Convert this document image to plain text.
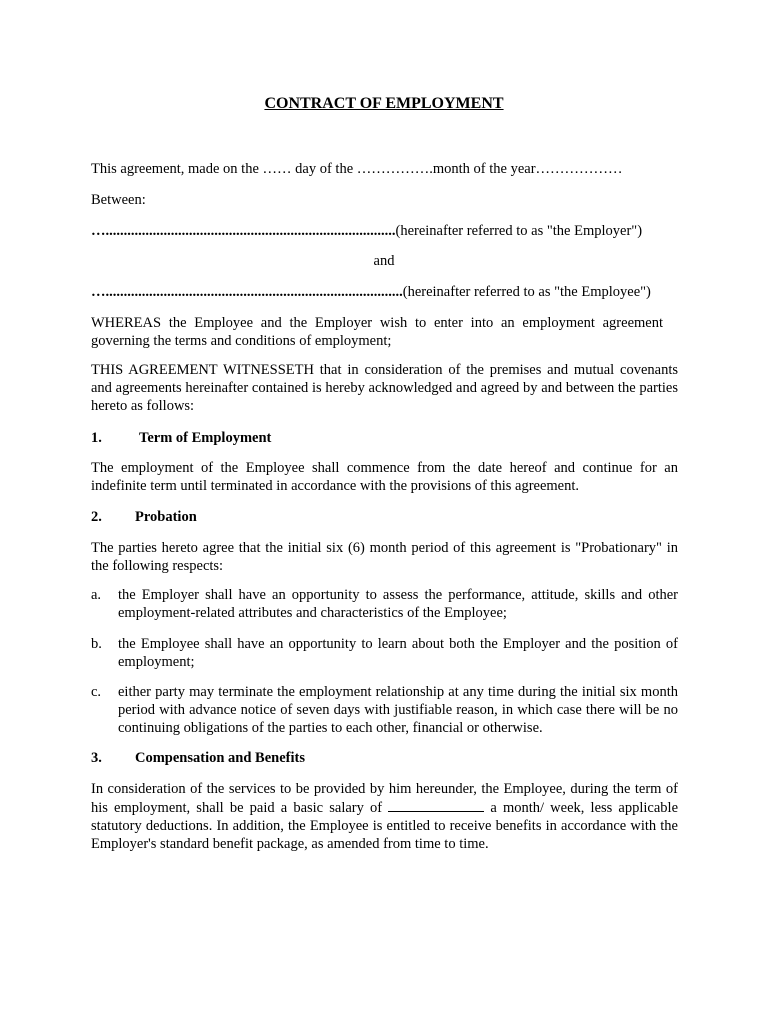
CONTRACT OF EMPLOYMENT

This agreement, made on the …… day of the …………….month of the year………………

Between:

…................................................................................(hereinafter referred to as "the Employer")

and

…..................................................................................(hereinafter referred to as "the Employee")

WHEREAS the Employee and the Employer wish to enter into an employment agreement governing the terms and conditions of employment;

THIS AGREEMENT WITNESSETH that in consideration of the premises and mutual covenants and agreements hereinafter contained is hereby acknowledged and agreed by and between the parties hereto as follows:

1.	Term of Employment

The employment of the Employee shall commence from the date hereof and continue for an indefinite term until terminated in accordance with the provisions of this agreement.

2. Probation

The parties hereto agree that the initial six (6) month period of this agreement is "Probationary" in the following respects:

a. the Employer shall have an opportunity to assess the performance, attitude, skills and other employment-related attributes and characteristics of the Employee;
b. the Employee shall have an opportunity to learn about both the Employer and the position of employment;
c. either party may terminate the employment relationship at any time during the initial six month period with advance notice of seven days with justifiable reason, in which case there will be no continuing obligations of the parties to each other, financial or otherwise.

3. Compensation and Benefits

In consideration of the services to be provided by him hereunder, the Employee, during the term of his employment, shall be paid a basic salary of	a month/ week, less applicable statutory deductions. In addition, the Employee is entitled to receive benefits in accordance with the Employer's standard benefit package, as amended from time to time.
